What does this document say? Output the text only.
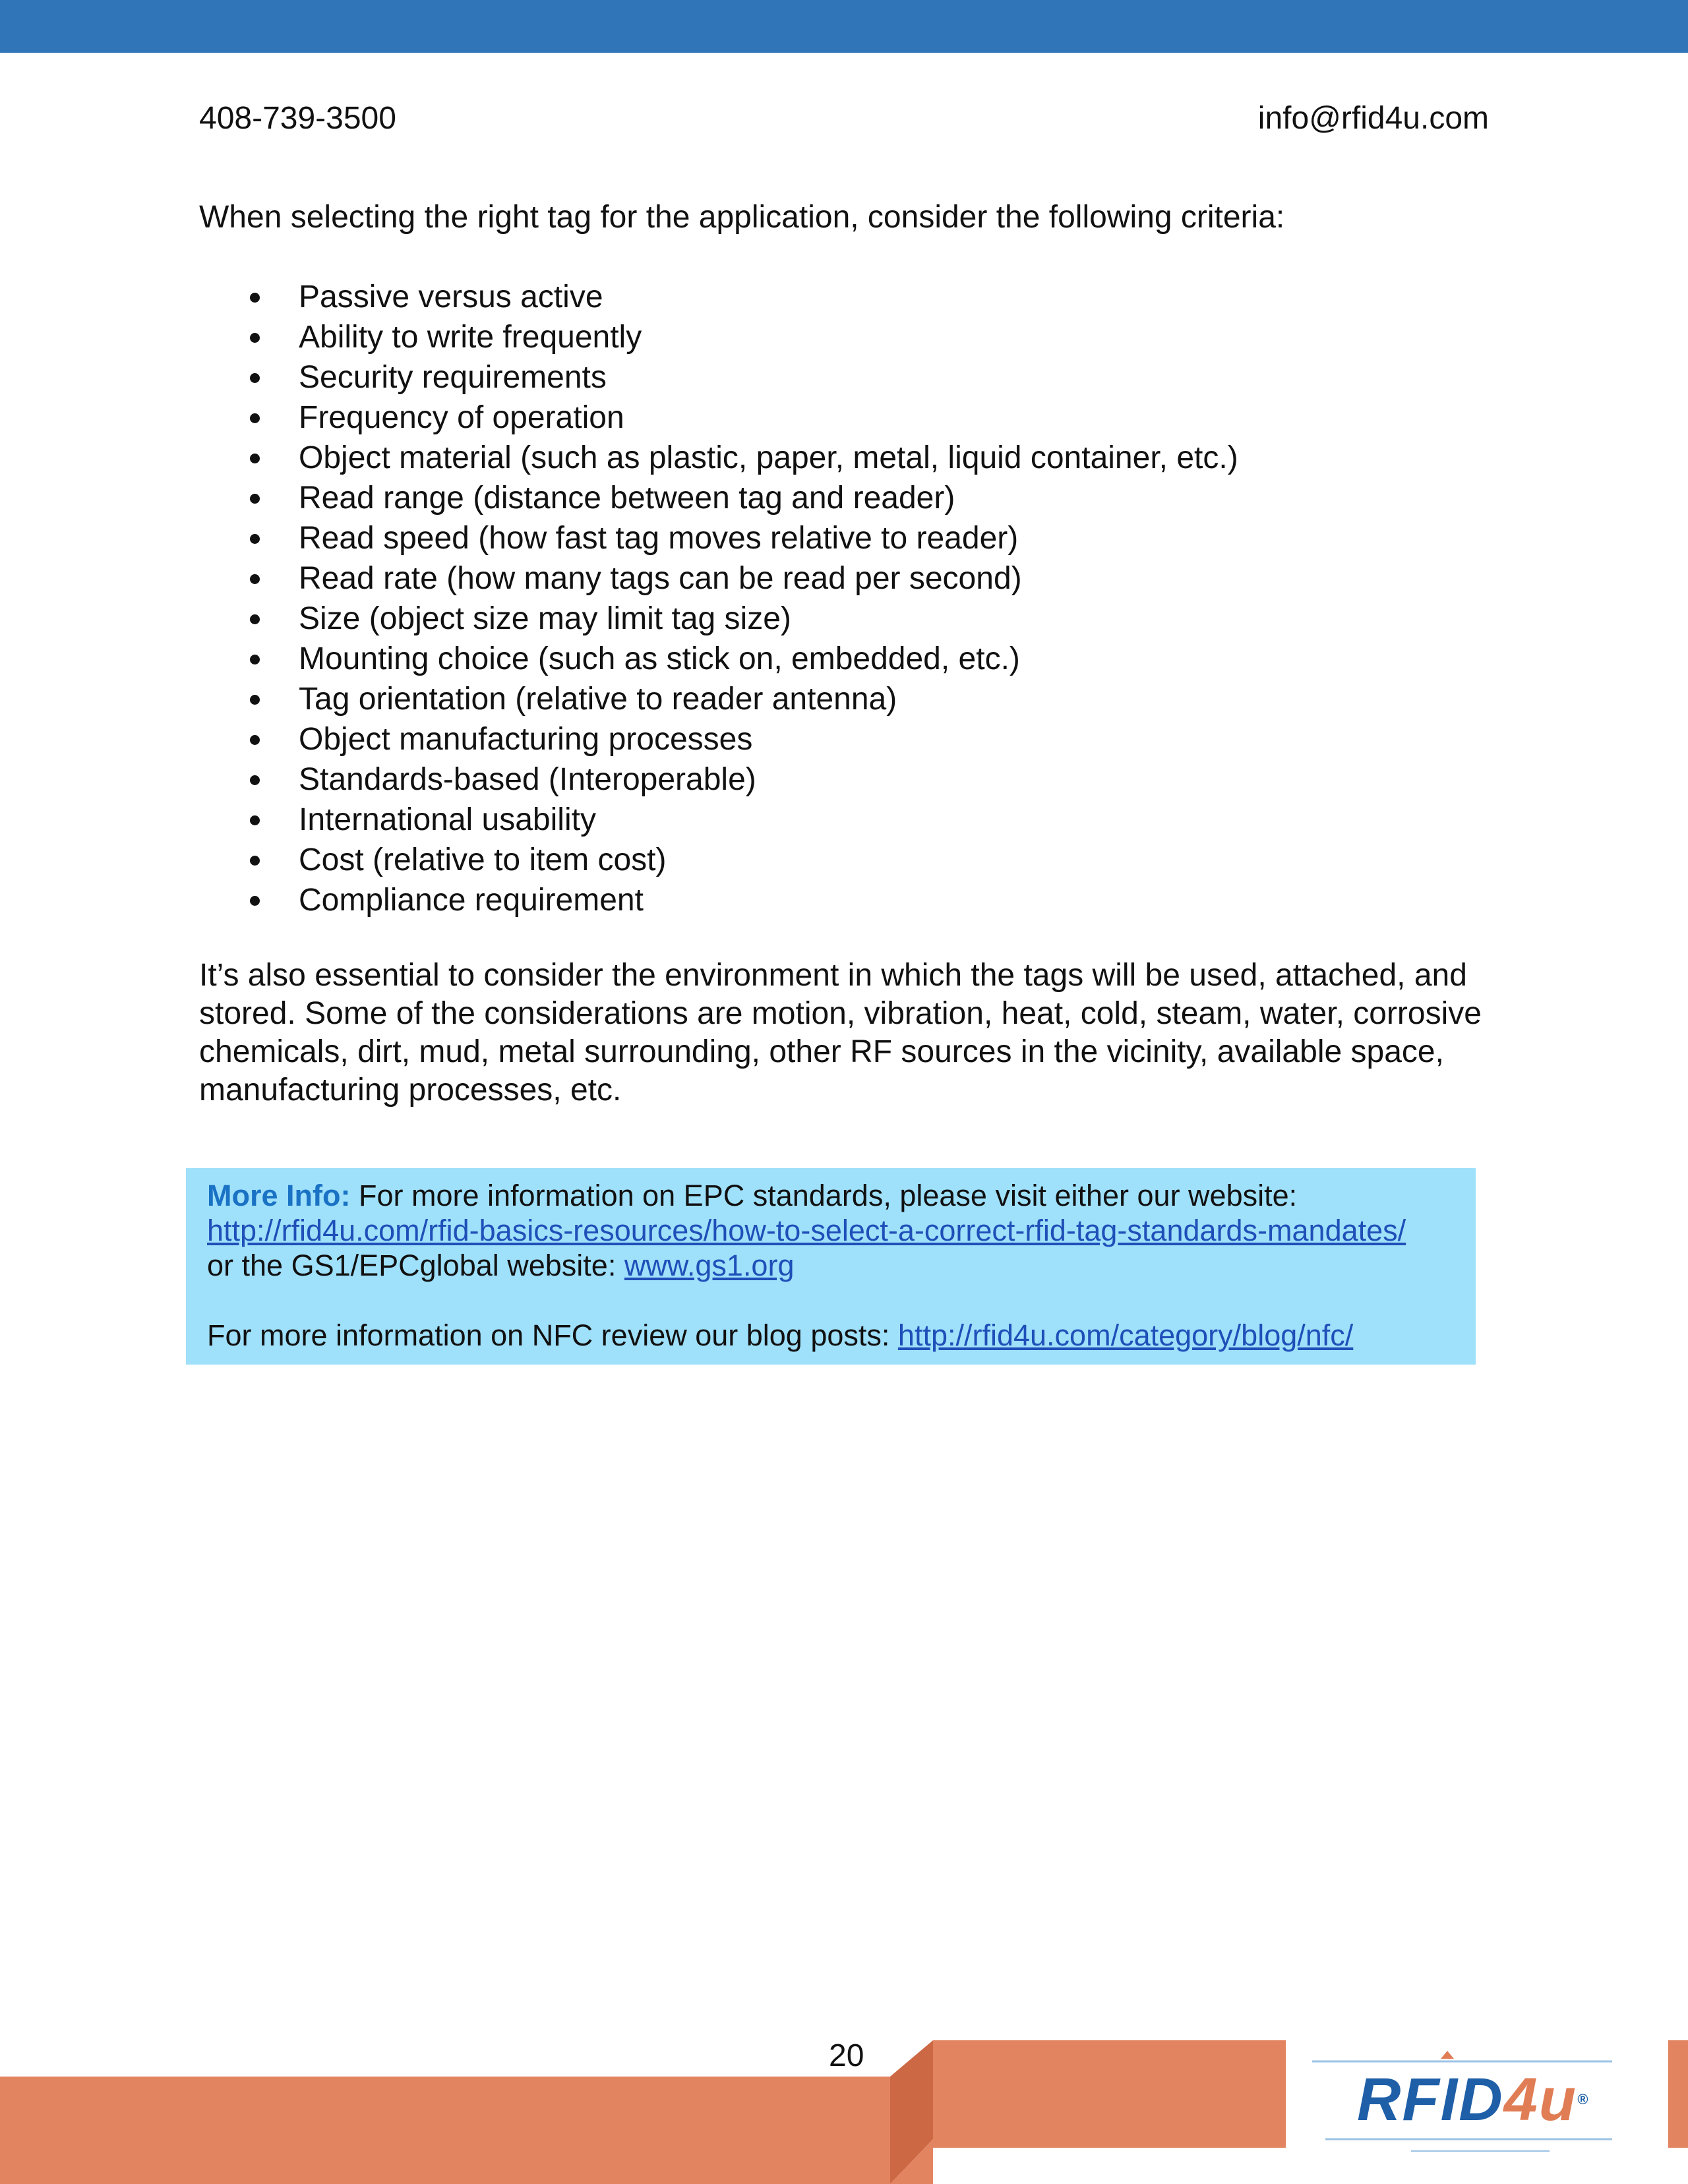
408-739-3500	info@rfid4u.com
When selecting the right tag for the application, consider the following criteria:
Passive versus active
Ability to write frequently
Security requirements
Frequency of operation
Object material (such as plastic, paper, metal, liquid container, etc.)
Read range (distance between tag and reader)
Read speed (how fast tag moves relative to reader)
Read rate (how many tags can be read per second)
Size (object size may limit tag size)
Mounting choice (such as stick on, embedded, etc.)
Tag orientation (relative to reader antenna)
Object manufacturing processes
Standards-based (Interoperable)
International usability
Cost (relative to item cost)
Compliance requirement
It’s also essential to consider the environment in which the tags will be used, attached, and stored. Some of the considerations are motion, vibration, heat, cold, steam, water, corrosive chemicals, dirt, mud, metal surrounding, other RF sources in the vicinity, available space, manufacturing processes, etc.

More Info: For more information on EPC standards, please visit either our website:

http://rfid4u.com/rfid-basics-resources/how-to-select-a-correct-rfid-tag-standards-mandates/

or the GS1/EPCglobal website: www.gs1.org

For more information on NFC review our blog posts: http://rfid4u.com/category/blog/nfc/

20
RFID4u®
